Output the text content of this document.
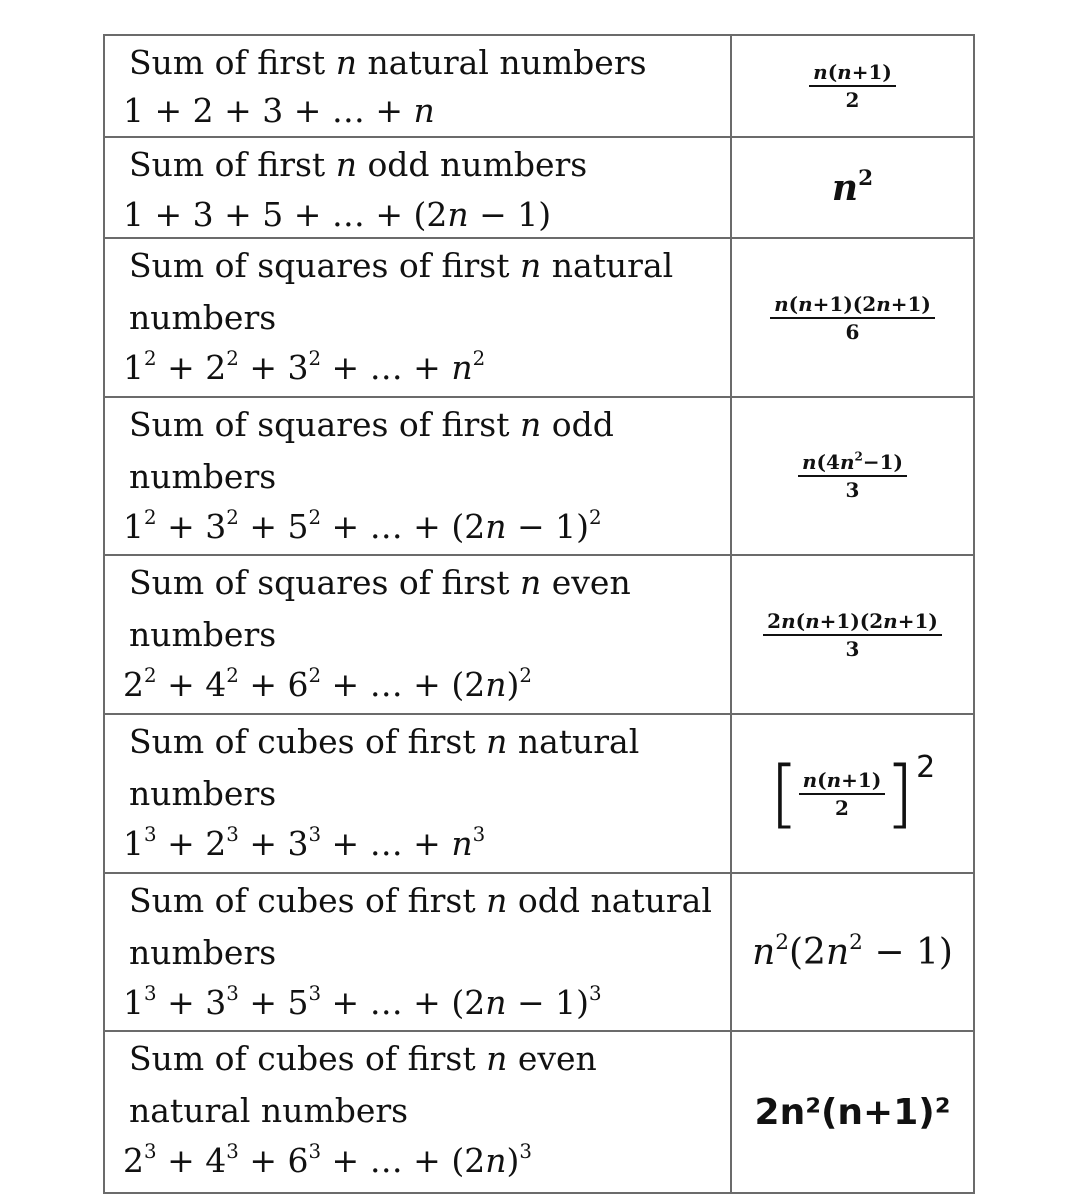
Sum of first n natural numbers
1 + 2 + 3 + … + n	$\frac{n(n+1)}{2}$
Sum of first n odd numbers
1 + 3 + 5 + … + (2n − 1)
$n^2$
Sum of squares of first n natural
numbers
$1^2 + 2^2 + 3^2$ + … + $n^2$
$\frac{n(n+1)(2n+1)}{6}$
Sum of squares of first n odd
numbers
$1^2 + 3^2 + 5^2$ + … + $(2n - 1)^2$
$\frac{n(4n^2-1)}{3}$
Sum of squares of first n even
numbers
$2^2 + 4^2 + 6^2$ + … + $(2n)^2$
$\frac{2n(n+1)(2n+1)}{3}$
Sum of cubes of first n natural
numbers
$1^3 + 2^3 + 3^3$ + … + $n^3$	[ $\frac{n(n+1)}{2}$ ] 2
Sum of cubes of first n odd natural
numbers
$1^3 + 3^3 + 5^3$ + … + $(2n - 1)^3$
$n^2(2n^2 - 1)$
Sum of cubes of first n even
natural numbers
$2^3 + 4^3 + 6^3$ + … + $(2n)^3$
2n²(n+1)²
